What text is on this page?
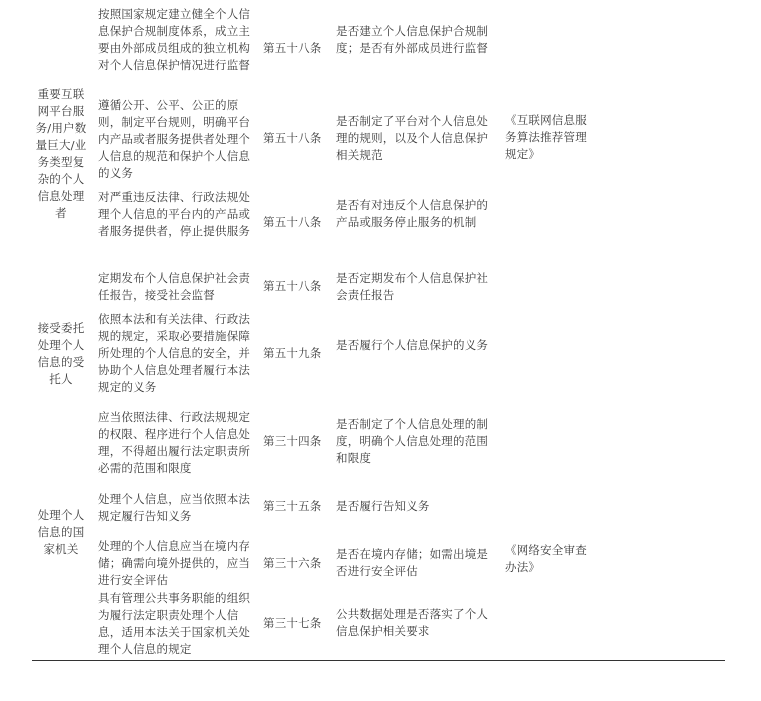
重要互联网平台服务/用户数量巨大/业务类型复杂的个人信息处理者
《互联网信息服务算法推荐管理规定》
按照国家规定建立健全个人信息保护合规制度体系，成立主要由外部成员组成的独立机构对个人信息保护情况进行监督
第五十八条
是否建立个人信息保护合规制度；是否有外部成员进行监督
遵循公开、公平、公正的原则，制定平台规则，明确平台内产品或者服务提供者处理个人信息的规范和保护个人信息的义务
第五十八条
是否制定了平台对个人信息处理的规则，以及个人信息保护相关规范
对严重违反法律、行政法规处理个人信息的平台内的产品或者服务提供者，停止提供服务
第五十八条
是否有对违反个人信息保护的产品或服务停止服务的机制
定期发布个人信息保护社会责任报告，接受社会监督
第五十八条
是否定期发布个人信息保护社会责任报告
接受委托处理个人信息的受托人
依照本法和有关法律、行政法规的规定，采取必要措施保障所处理的个人信息的安全，并协助个人信息处理者履行本法规定的义务
第五十九条
是否履行个人信息保护的义务
处理个人信息的国家机关	《网络安全审查办法》
应当依照法律、行政法规规定的权限、程序进行个人信息处理，不得超出履行法定职责所必需的范围和限度
第三十四条
是否制定了个人信息处理的制度，明确个人信息处理的范围和限度
处理个人信息，应当依照本法规定履行告知义务
第三十五条	是否履行告知义务
处理的个人信息应当在境内存储；确需向境外提供的，应当进行安全评估
第三十六条
是否在境内存储；如需出境是否进行安全评估
具有管理公共事务职能的组织为履行法定职责处理个人信息，适用本法关于国家机关处理个人信息的规定
第三十七条
公共数据处理是否落实了个人信息保护相关要求
